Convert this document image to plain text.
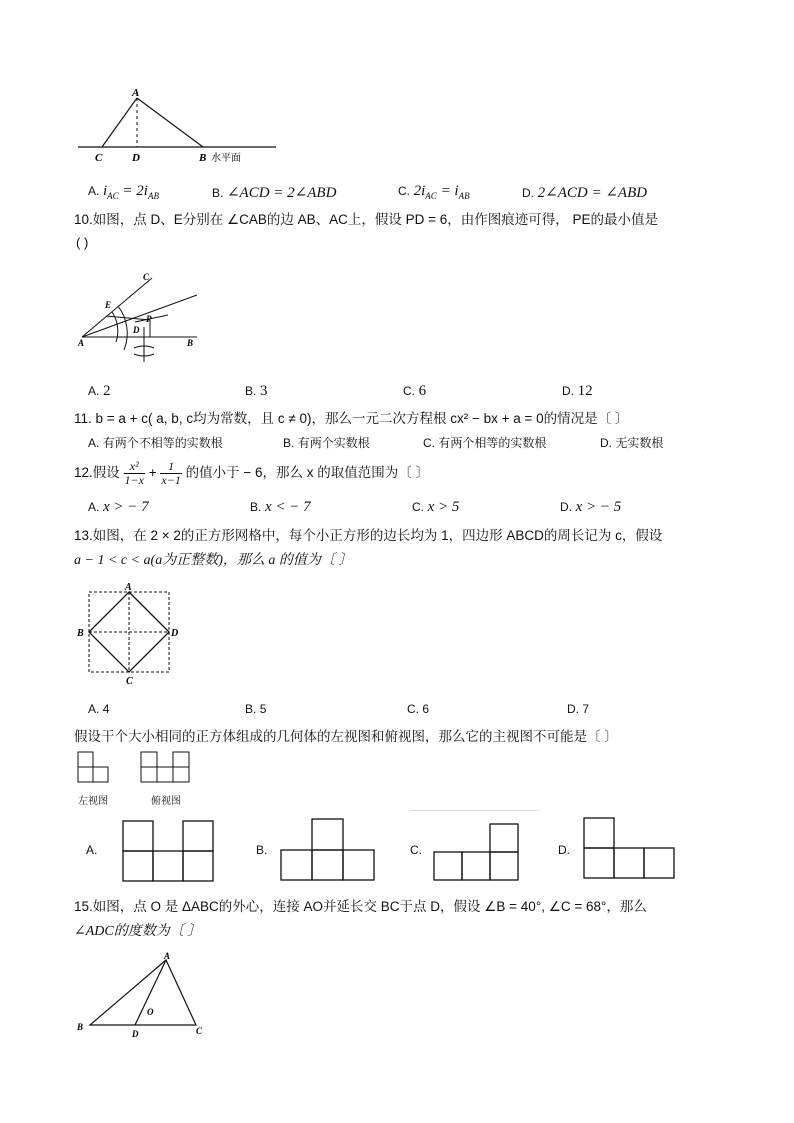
A
C	D	B 水平面
A. $i_{AC} = 2i_{AB}$	B. ∠ACD = 2∠ABD	C. $2i_{AC} = i_{AB}$	D. 2∠ACD = ∠ABD
10.如图，点 D、E分别在 ∠CAB的边 AB、AC上，假设 PD = 6，由作图痕迹可得， PE的最小值是
( )
C
E
P
D
A	B
A. 2	B. 3	C. 6	D. 12
11. b = a + c( a, b, c均为常数，且 c ≠ 0)，那么一元二次方程根 cx² − bx + a = 0的情况是〔 〕
A. 有两个不相等的实数根	B. 有两个实数根	C. 有两个相等的实数根	D. 无实数根
12.假设 $\frac{\text{x²}}{1-x} + \frac{1}{x-1}$ 的值小于 − 6，那么 x 的取值范围为〔 〕
A. x > − 7	B. x < − 7	C. x > 5	D. x > − 5
13.如图，在 2 × 2的正方形网格中，每个小正方形的边长均为 1，四边形 ABCD的周长记为 c，假设
a − 1 < c < a(a为正整数)，那么 a 的值为〔 〕
A
B
C
D
A. 4	B. 5	C. 6	D. 7
假设干个大小相同的正方体组成的几何体的左视图和俯视图，那么它的主视图不可能是〔 〕
左视图	俯视图
A.	B.	C.	D.
15.如图，点 O 是 ΔABC的外心，连接 AO并延长交 BC于点 D，假设 ∠B = 40°, ∠C = 68°，那么
∠ADC的度数为〔 〕
A
B	C
O
D
